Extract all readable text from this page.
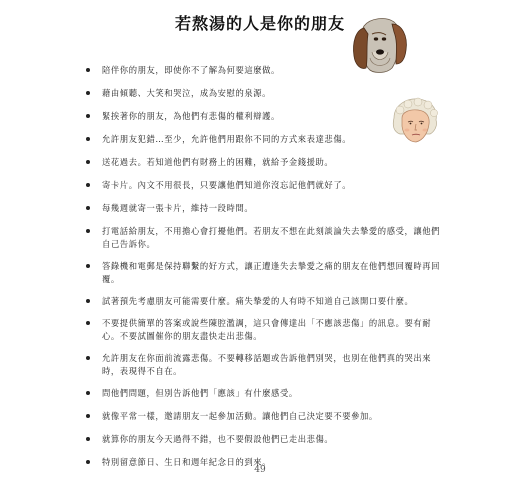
若熬湯的人是你的朋友
陪伴你的朋友，即使你不了解為何要這麼做。
藉由傾聽、大笑和哭泣，成為安慰的泉源。
緊挨著你的朋友，為他們有悲傷的權利辯護。
允許朋友犯錯…至少，允許他們用跟你不同的方式來表達悲傷。
送花過去。若知道他們有財務上的困難，就給予金錢援助。
寄卡片。內文不用很長，只要讓他們知道你沒忘記他們就好了。
每幾週就寄一張卡片，維持一段時間。
打電話給朋友，不用擔心會打擾他們。若朋友不想在此刻談論失去摯愛的感受，讓他們自己告訴你。
答錄機和電郵是保持聯繫的好方式，讓正遭逢失去摯愛之痛的朋友在他們想回覆時再回覆。
試著預先考慮朋友可能需要什麼。痛失摯愛的人有時不知道自己該開口要什麼。
不要提供簡單的答案或說些陳腔濫調，這只會傳達出「不應該悲傷」的訊息。要有耐心。不要試圖催你的朋友盡快走出悲傷。
允許朋友在你面前流露悲傷。不要轉移話題或告訴他們別哭，也別在他們真的哭出來時，表現得不自在。
問他們問題，但別告訴他們「應該」有什麼感受。
就像平常一樣，邀請朋友一起參加活動。讓他們自己決定要不要參加。
就算你的朋友今天過得不錯，也不要假設他們已走出悲傷。
特別留意節日、生日和週年紀念日的到來。
49
